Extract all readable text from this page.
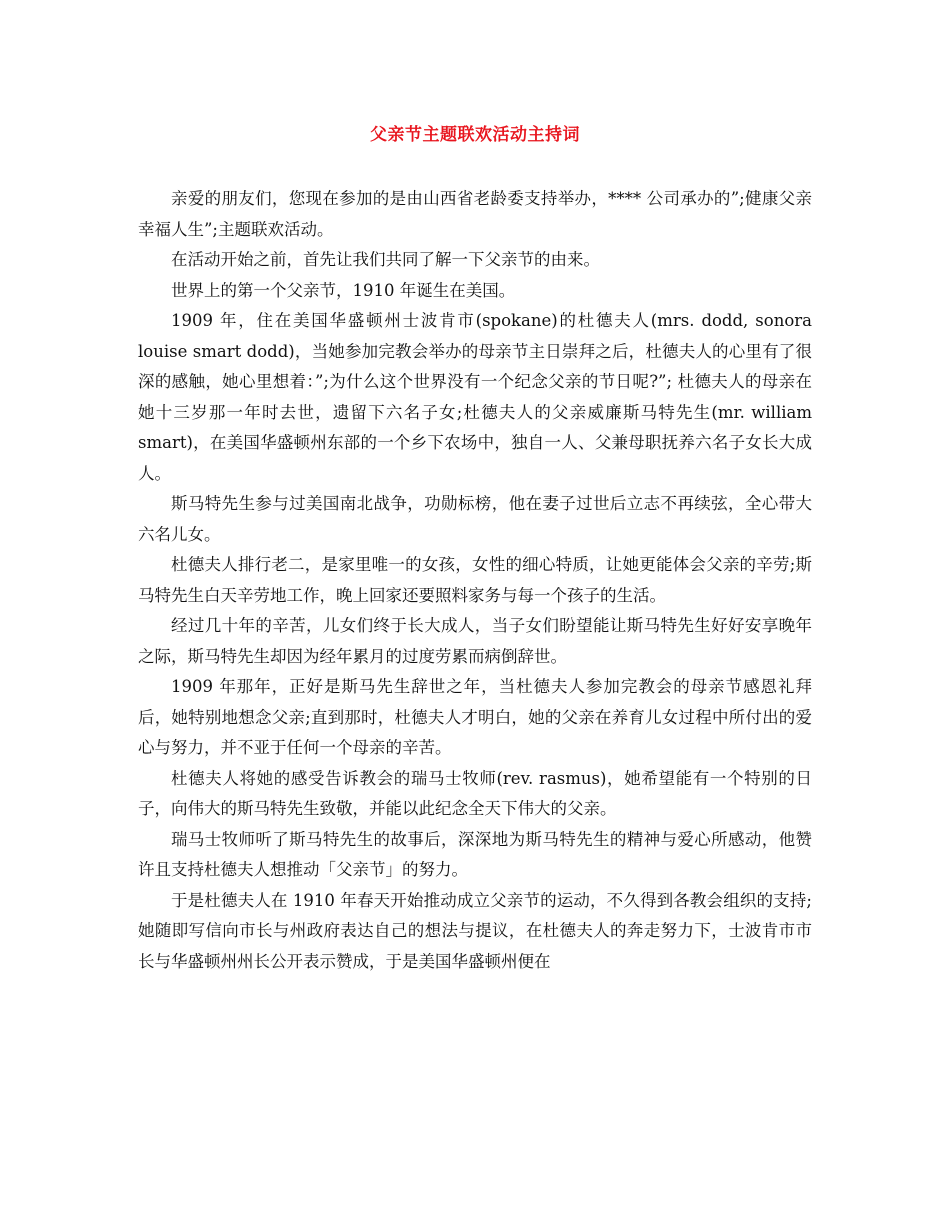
父亲节主题联欢活动主持词

亲爱的朋友们，您现在参加的是由山西省老龄委支持举办，**** 公司承办的”;健康父亲 幸福人生”;主题联欢活动。

在活动开始之前，首先让我们共同了解一下父亲节的由来。

世界上的第一个父亲节，1910 年诞生在美国。

1909 年，住在美国华盛顿州士波肯市(spokane)的杜德夫人(mrs. dodd, sonora louise smart dodd)，当她参加完教会举办的母亲节主日崇拜之后，杜德夫人的心里有了很深的感触，她心里想着：”;为什么这个世界没有一个纪念父亲的节日呢?”; 杜德夫人的母亲在她十三岁那一年时去世，遗留下六名子女;杜德夫人的父亲威廉斯马特先生(mr. william smart)，在美国华盛顿州东部的一个乡下农场中，独自一人、父兼母职抚养六名子女长大成人。

斯马特先生参与过美国南北战争，功勋标榜，他在妻子过世后立志不再续弦，全心带大六名儿女。

杜德夫人排行老二，是家里唯一的女孩，女性的细心特质，让她更能体会父亲的辛劳;斯马特先生白天辛劳地工作，晚上回家还要照料家务与每一个孩子的生活。

经过几十年的辛苦，儿女们终于长大成人，当子女们盼望能让斯马特先生好好安享晚年之际，斯马特先生却因为经年累月的过度劳累而病倒辞世。

1909 年那年，正好是斯马先生辞世之年，当杜德夫人参加完教会的母亲节感恩礼拜后，她特别地想念父亲;直到那时，杜德夫人才明白，她的父亲在养育儿女过程中所付出的爱心与努力，并不亚于任何一个母亲的辛苦。

杜德夫人将她的感受告诉教会的瑞马士牧师(rev. rasmus)，她希望能有一个特别的日子，向伟大的斯马特先生致敬，并能以此纪念全天下伟大的父亲。

瑞马士牧师听了斯马特先生的故事后，深深地为斯马特先生的精神与爱心所感动，他赞许且支持杜德夫人想推动「父亲节」的努力。

于是杜德夫人在 1910 年春天开始推动成立父亲节的运动，不久得到各教会组织的支持;她随即写信向市长与州政府表达自己的想法与提议，在杜德夫人的奔走努力下，士波肯市市长与华盛顿州州长公开表示赞成，于是美国华盛顿州便在
